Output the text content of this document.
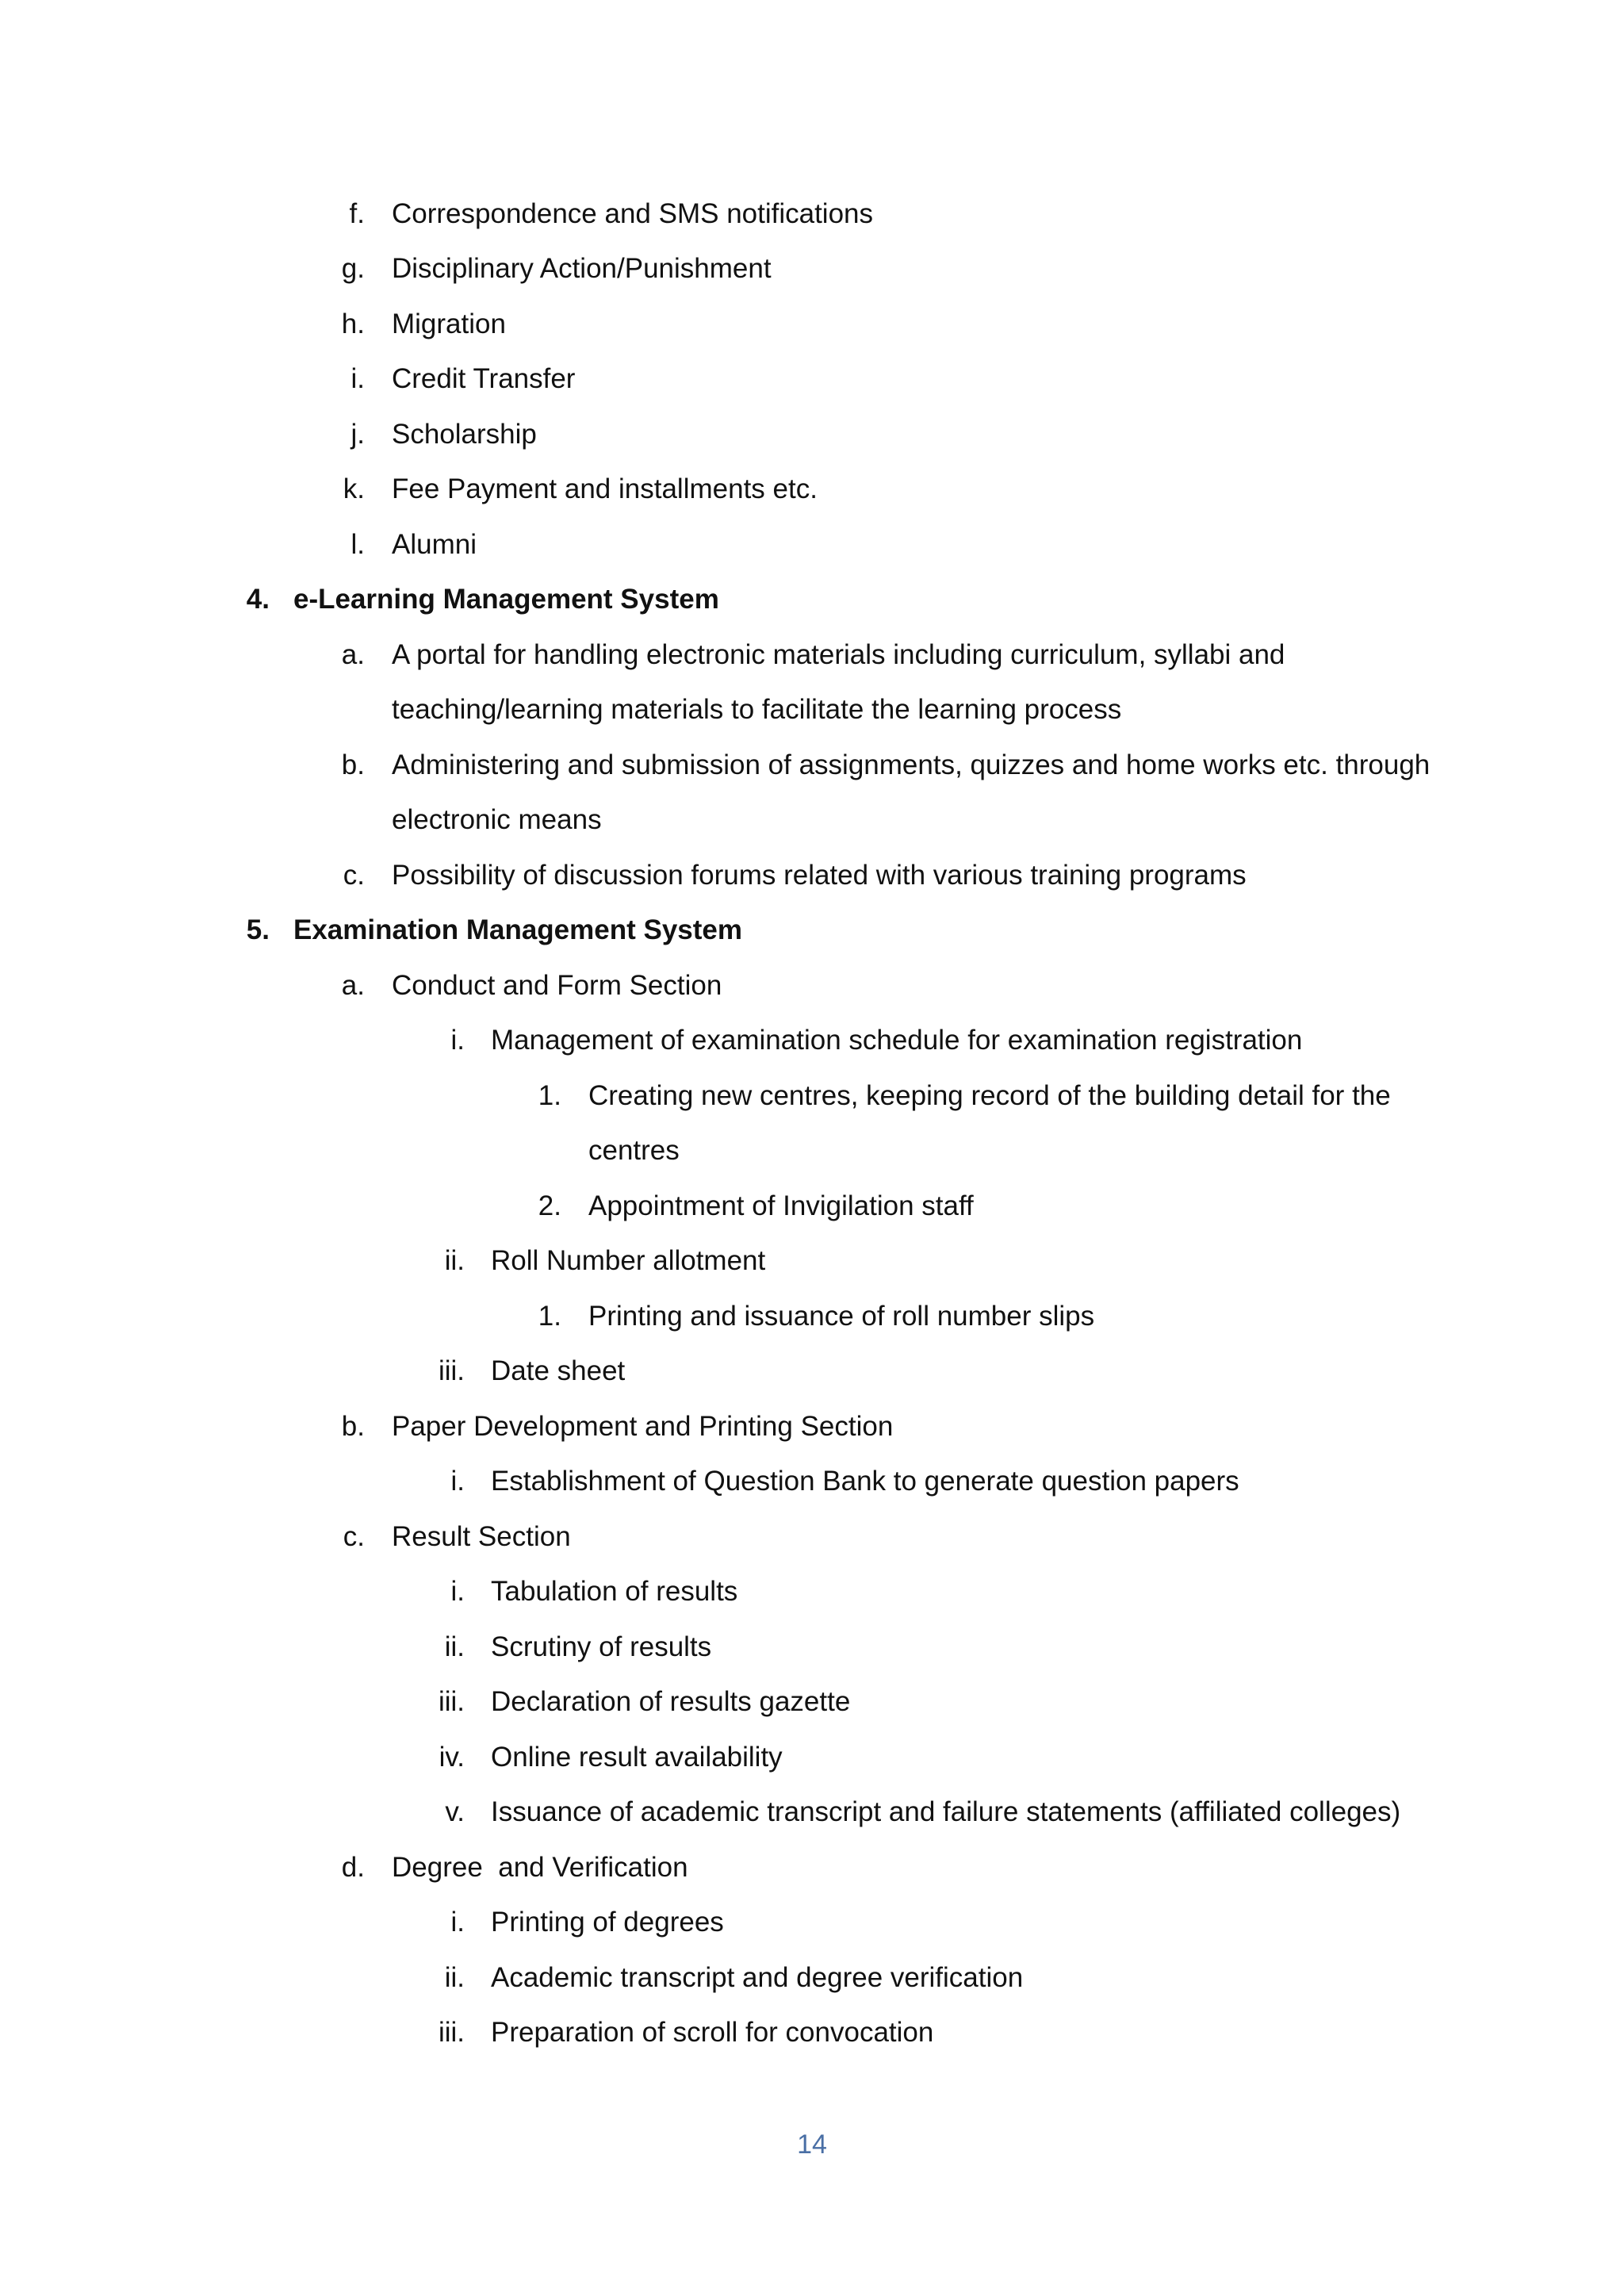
f. Correspondence and SMS notifications
g. Disciplinary Action/Punishment
h. Migration
i. Credit Transfer
j. Scholarship
k. Fee Payment and installments etc.
l. Alumni
4. e-Learning Management System
a. A portal for handling electronic materials including curriculum, syllabi and
teaching/learning materials to facilitate the learning process
b. Administering and submission of assignments, quizzes and home works etc. through
electronic means
c. Possibility of discussion forums related with various training programs
5. Examination Management System
a. Conduct and Form Section
i. Management of examination schedule for examination registration
1. Creating new centres, keeping record of the building detail for the
centres
2. Appointment of Invigilation staff
ii. Roll Number allotment
1. Printing and issuance of roll number slips
iii. Date sheet
b. Paper Development and Printing Section
i. Establishment of Question Bank to generate question papers
c. Result Section
i. Tabulation of results
ii. Scrutiny of results
iii. Declaration of results gazette
iv. Online result availability
v. Issuance of academic transcript and failure statements (affiliated colleges)
d. Degree  and Verification
i. Printing of degrees
ii. Academic transcript and degree verification
iii. Preparation of scroll for convocation
14
